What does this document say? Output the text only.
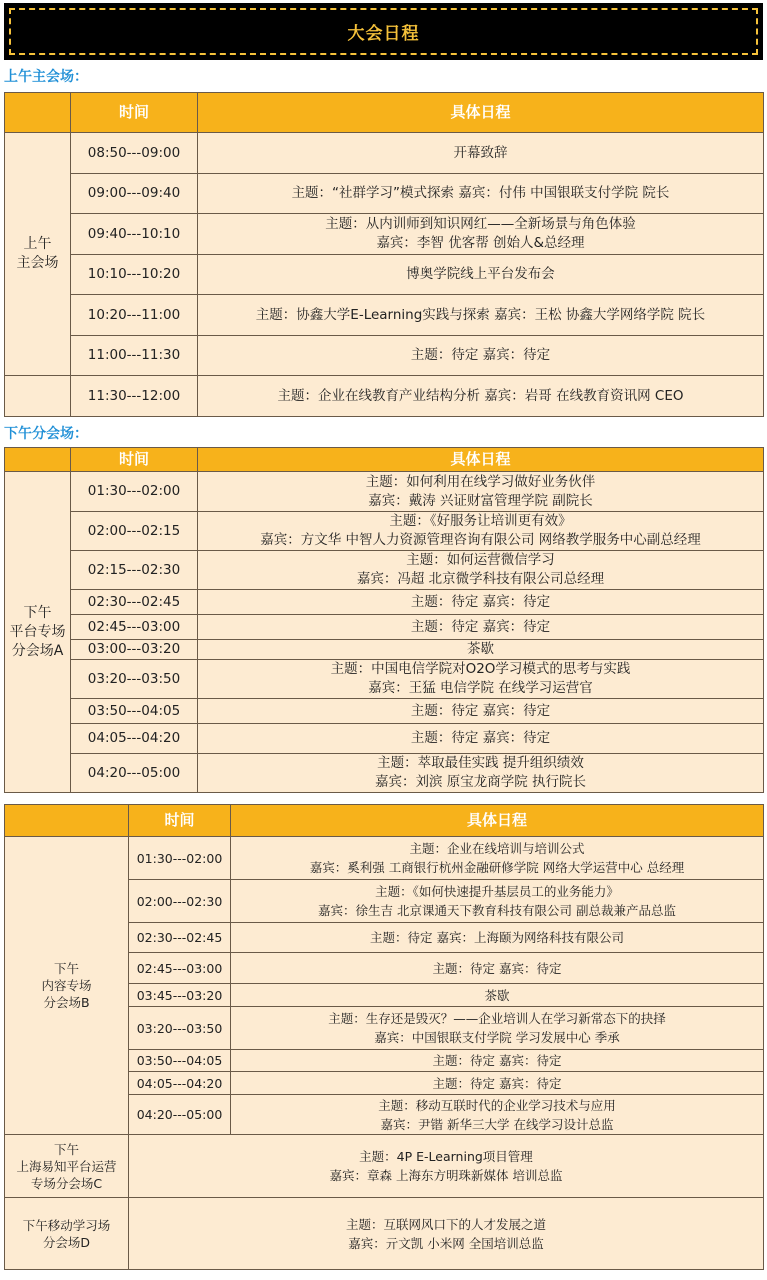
大会日程
上午主会场：
	时间	具体日程

上午
主会场	08:50---09:00	开幕致辞

	09:00---09:40	主题：“社群学习”模式探索 嘉宾：付伟 中国银联支付学院 院长

	09:40---10:10	主题：从内训师到知识网红——全新场景与角色体验
嘉宾：李智 优客帮 创始人&总经理

	10:10---10:20	博奥学院线上平台发布会

	10:20---11:00	主题：协鑫大学E-Learning实践与探索 嘉宾：王松 协鑫大学网络学院 院长

	11:00---11:30	主题：待定 嘉宾：待定

	11:30---12:00	主题：企业在线教育产业结构分析 嘉宾：岩哥 在线教育资讯网 CEO
下午分会场：
	时间	具体日程

下午
平台专场
分会场A	01:30---02:00	主题：如何利用在线学习做好业务伙伴
嘉宾：戴涛 兴证财富管理学院 副院长

	02:00---02:15	主题：《好服务让培训更有效》
嘉宾：方文华 中智人力资源管理咨询有限公司 网络教学服务中心副总经理

	02:15---02:30	主题：如何运营微信学习
嘉宾：冯超 北京微学科技有限公司总经理

	02:30---02:45	主题：待定 嘉宾：待定

	02:45---03:00	主题：待定 嘉宾：待定

	03:00---03:20	茶歇

	03:20---03:50	主题：中国电信学院对O2O学习模式的思考与实践
嘉宾：王猛 电信学院 在线学习运营官

	03:50---04:05	主题：待定 嘉宾：待定

	04:05---04:20	主题：待定 嘉宾：待定

	04:20---05:00	主题：萃取最佳实践 提升组织绩效
嘉宾：刘滨 原宝龙商学院 执行院长
	时间	具体日程

下午
内容专场
分会场B	01:30---02:00	主题：企业在线培训与培训公式
嘉宾：奚利强 工商银行杭州金融研修学院 网络大学运营中心 总经理

	02:00---02:30	主题：《如何快速提升基层员工的业务能力》
嘉宾：徐生吉 北京课通天下教育科技有限公司 副总裁兼产品总监

	02:30---02:45	主题：待定 嘉宾：上海颐为网络科技有限公司

	02:45---03:00	主题：待定 嘉宾：待定

	03:45---03:20	茶歇

	03:20---03:50	主题：生存还是毁灭？——企业培训人在学习新常态下的抉择
嘉宾：中国银联支付学院 学习发展中心 季承

	03:50---04:05	主题：待定 嘉宾：待定

	04:05---04:20	主题：待定 嘉宾：待定

	04:20---05:00	主题：移动互联时代的企业学习技术与应用
嘉宾：尹锴 新华三大学 在线学习设计总监

下午
上海易知平台运营
专场分会场C	主题：4P E-Learning项目管理
嘉宾：章森 上海东方明珠新媒体 培训总监	

下午移动学习场
分会场D	主题：互联网风口下的人才发展之道
嘉宾：亓文凯 小米网 全国培训总监	
